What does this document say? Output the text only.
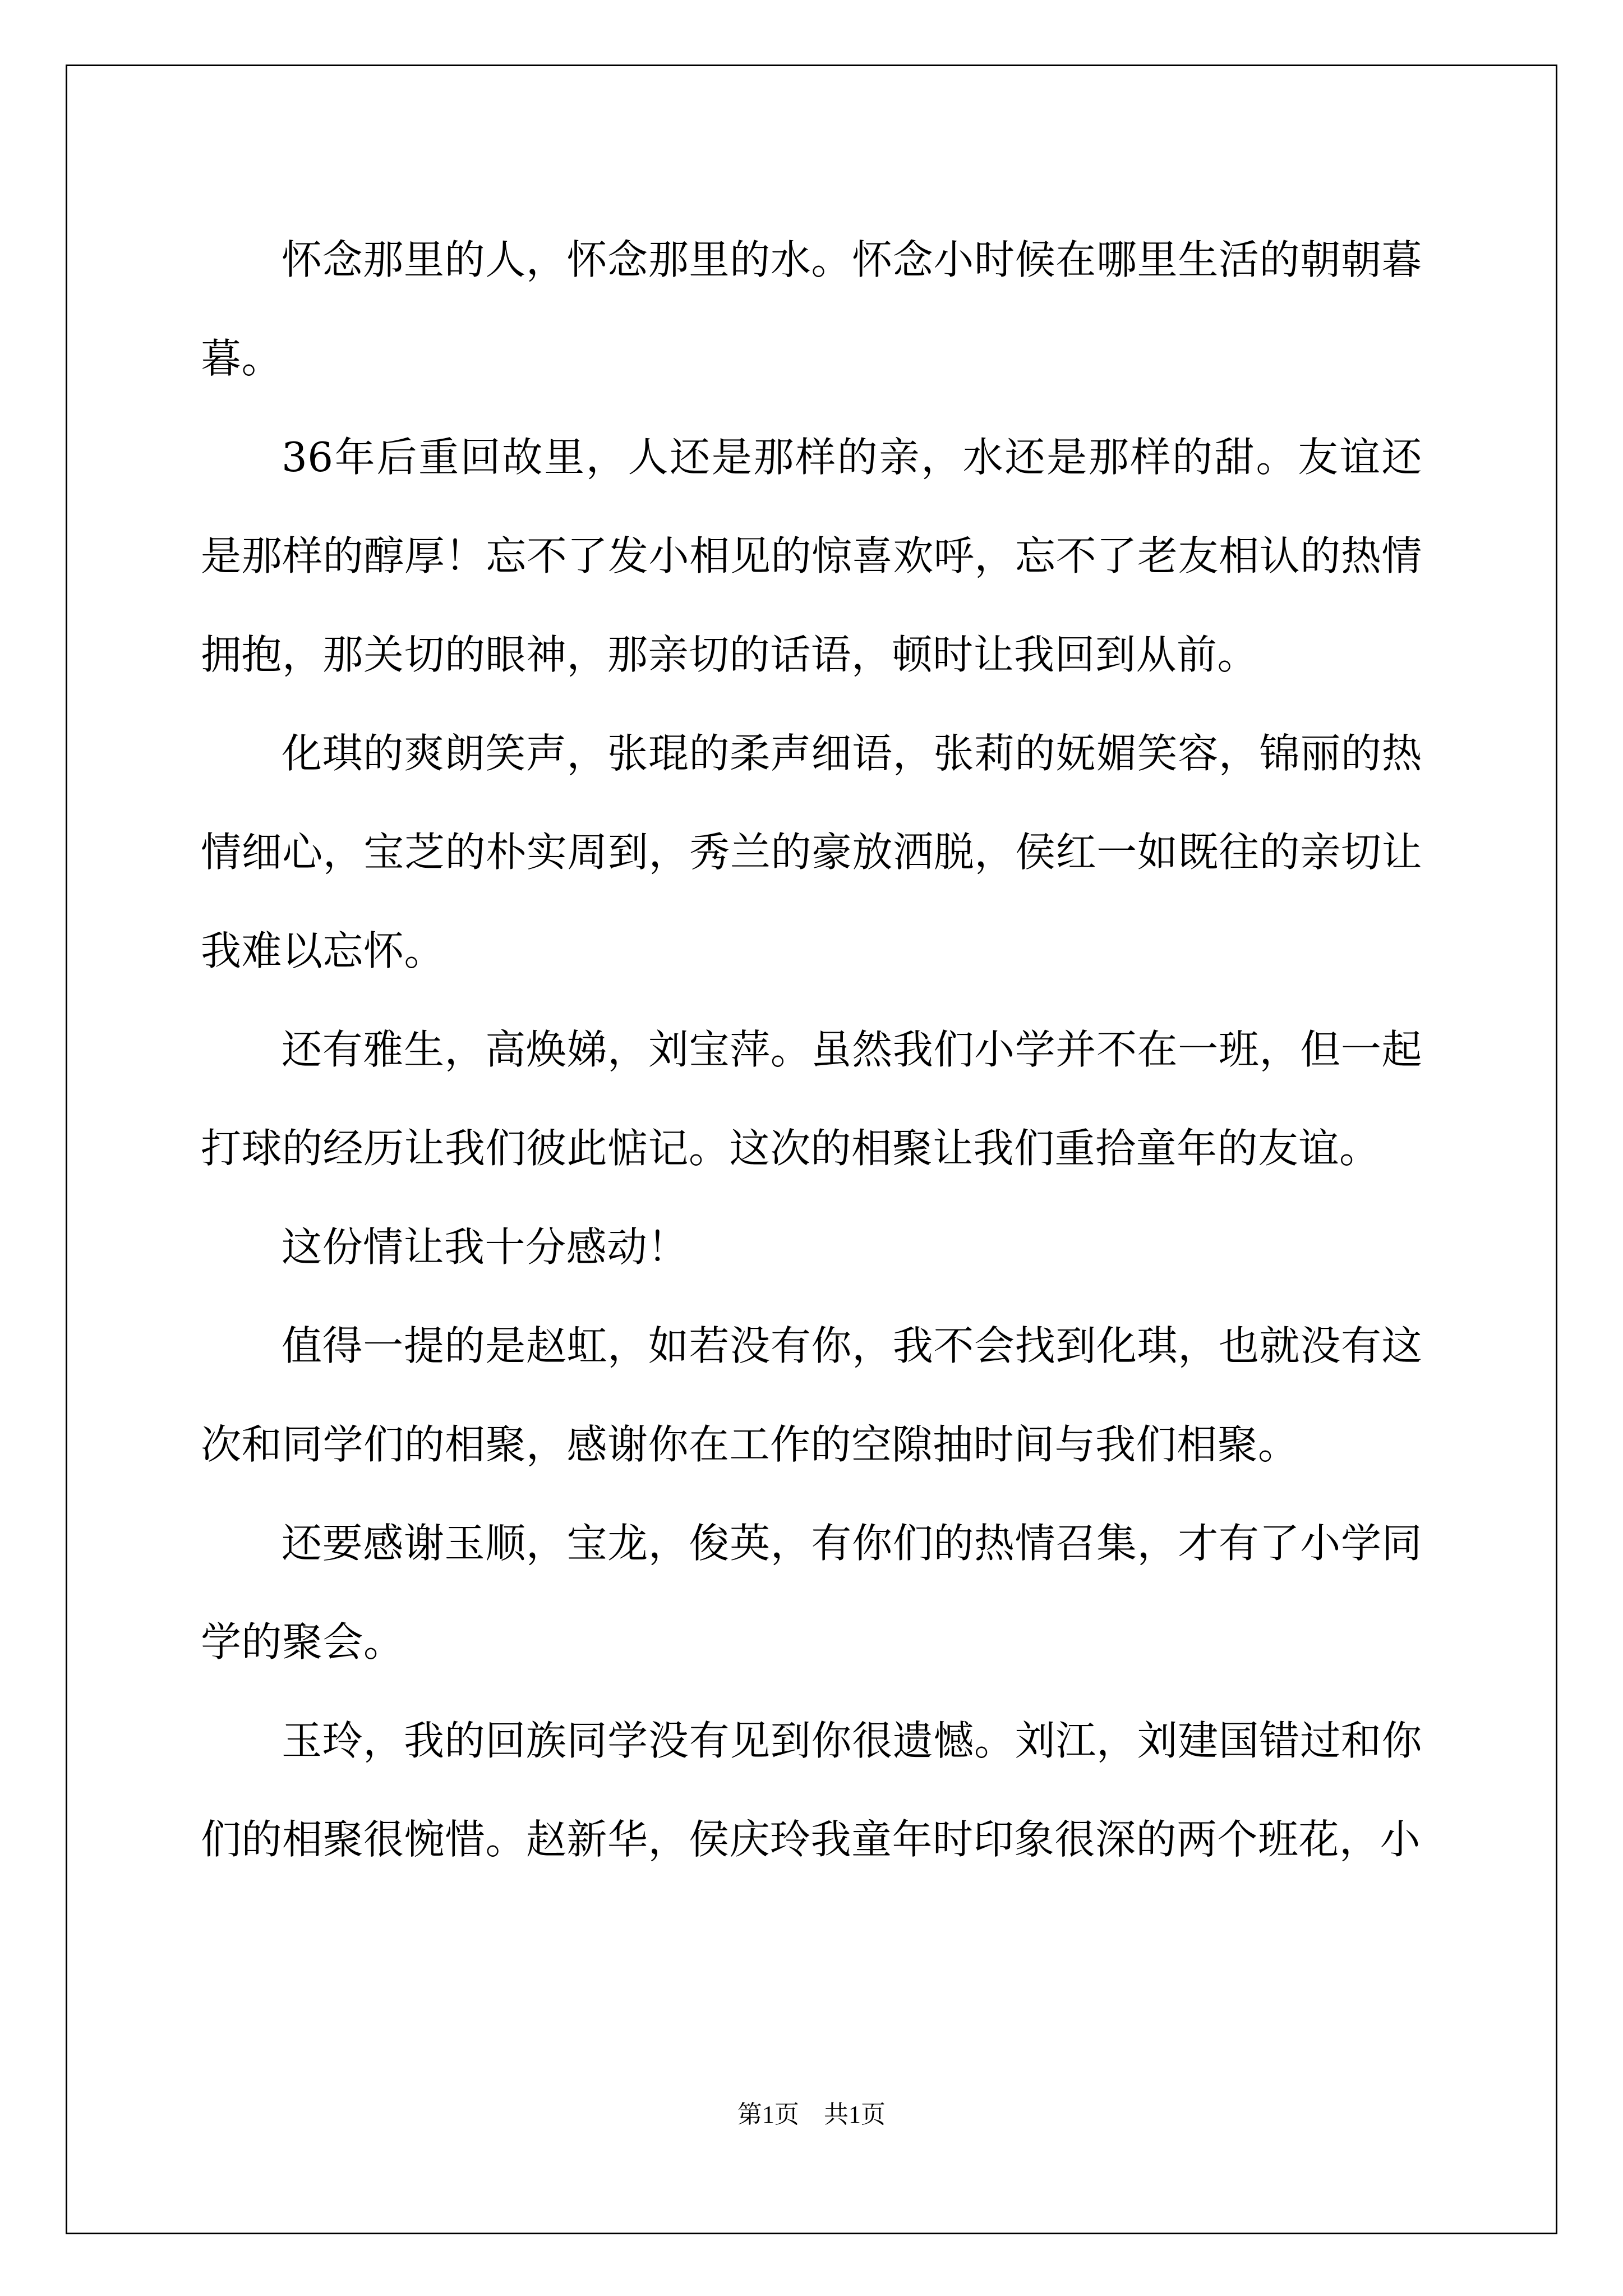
怀念那里的人，怀念那里的水。怀念小时候在哪里生活的朝朝暮暮。

36年后重回故里，人还是那样的亲，水还是那样的甜。友谊还是那样的醇厚！忘不了发小相见的惊喜欢呼，忘不了老友相认的热情拥抱，那关切的眼神，那亲切的话语，顿时让我回到从前。

化琪的爽朗笑声，张琨的柔声细语，张莉的妩媚笑容，锦丽的热情细心，宝芝的朴实周到，秀兰的豪放洒脱，侯红一如既往的亲切让我难以忘怀。

还有雅生，高焕娣，刘宝萍。虽然我们小学并不在一班，但一起打球的经历让我们彼此惦记。这次的相聚让我们重拾童年的友谊。

这份情让我十分感动！

值得一提的是赵虹，如若没有你，我不会找到化琪，也就没有这次和同学们的相聚，感谢你在工作的空隙抽时间与我们相聚。

还要感谢玉顺，宝龙，俊英，有你们的热情召集，才有了小学同学的聚会。

玉玲，我的回族同学没有见到你很遗憾。刘江，刘建国错过和你们的相聚很惋惜。赵新华，侯庆玲我童年时印象很深的两个班花，小

第1页 共1页
